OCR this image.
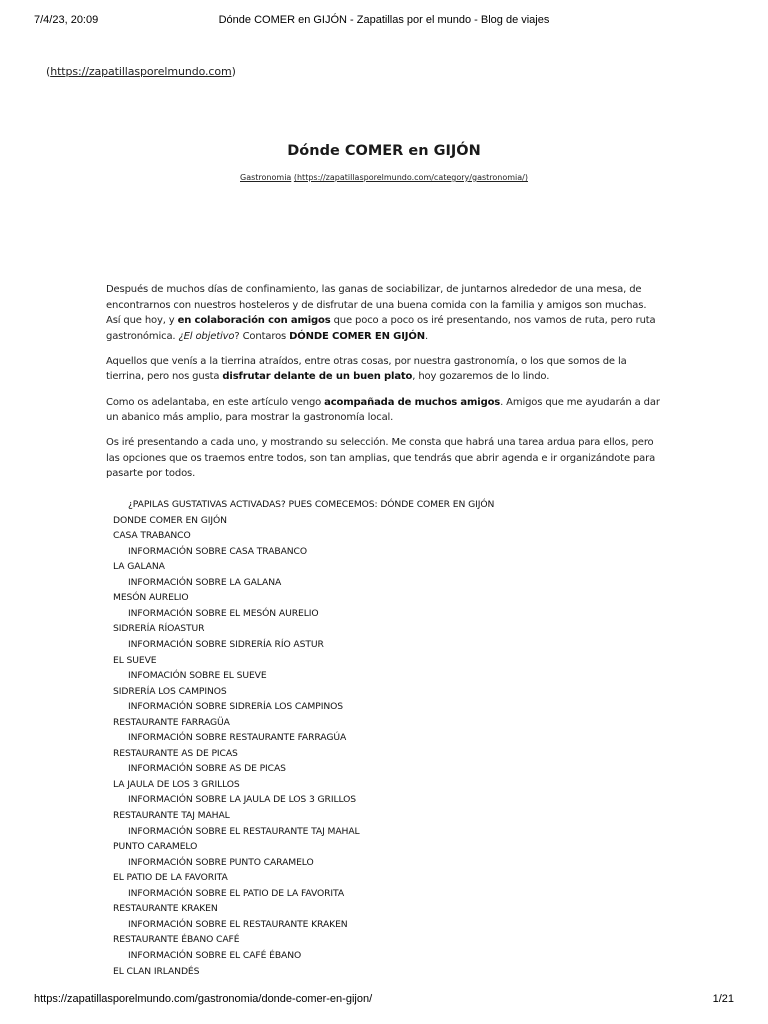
7/4/23, 20:09	Dónde COMER en GIJÓN - Zapatillas por el mundo - Blog de viajes
(https://zapatillasporelmundo.com)
Dónde COMER en GIJÓN
Gastronomia (https://zapatillasporelmundo.com/category/gastronomia/)

Después de muchos días de confinamiento, las ganas de sociabilizar, de juntarnos alrededor de una mesa, de encontrarnos con nuestros hosteleros y de disfrutar de una buena comida con la familia y amigos son muchas. Así que hoy, y en colaboración con amigos que poco a poco os iré presentando, nos vamos de ruta, pero ruta gastronómica. ¿El objetivo? Contaros DÓNDE COMER EN GIJÓN.

Aquellos que venís a la tierrina atraídos, entre otras cosas, por nuestra gastronomía, o los que somos de la tierrina, pero nos gusta disfrutar delante de un buen plato, hoy gozaremos de lo lindo.

Como os adelantaba, en este artículo vengo acompañada de muchos amigos. Amigos que me ayudarán a dar un abanico más amplio, para mostrar la gastronomía local.

Os iré presentando a cada uno, y mostrando su selección. Me consta que habrá una tarea ardua para ellos, pero las opciones que os traemos entre todos, son tan amplias, que tendrás que abrir agenda e ir organizándote para pasarte por todos.

¿PAPILAS GUSTATIVAS ACTIVADAS? PUES COMECEMOS: DÓNDE COMER EN GIJÓN
DONDE COMER EN GIJÓN
CASA TRABANCO
INFORMACIÓN SOBRE CASA TRABANCO
LA GALANA
INFORMACIÓN SOBRE LA GALANA
MESÓN AURELIO
INFORMACIÓN SOBRE EL MESÓN AURELIO
SIDRERÍA RÍOASTUR
INFORMACIÓN SOBRE SIDRERÍA RÍO ASTUR
EL SUEVE
INFOMACIÓN SOBRE EL SUEVE
SIDRERÍA LOS CAMPINOS
INFORMACIÓN SOBRE SIDRERÍA LOS CAMPINOS
RESTAURANTE FARRAGÜA
INFORMACIÓN SOBRE RESTAURANTE FARRAGÚA
RESTAURANTE AS DE PICAS
INFORMACIÓN SOBRE AS DE PICAS
LA JAULA DE LOS 3 GRILLOS
INFORMACIÓN SOBRE LA JAULA DE LOS 3 GRILLOS
RESTAURANTE TAJ MAHAL
INFORMACIÓN SOBRE EL RESTAURANTE TAJ MAHAL
PUNTO CARAMELO
INFORMACIÓN SOBRE PUNTO CARAMELO
EL PATIO DE LA FAVORITA
INFORMACIÓN SOBRE EL PATIO DE LA FAVORITA
RESTAURANTE KRAKEN
INFORMACIÓN SOBRE EL RESTAURANTE KRAKEN
RESTAURANTE ÉBANO CAFÉ
INFORMACIÓN SOBRE EL CAFÉ ÉBANO
EL CLAN IRLANDÉS
https://zapatillasporelmundo.com/gastronomia/donde-comer-en-gijon/	1/21
